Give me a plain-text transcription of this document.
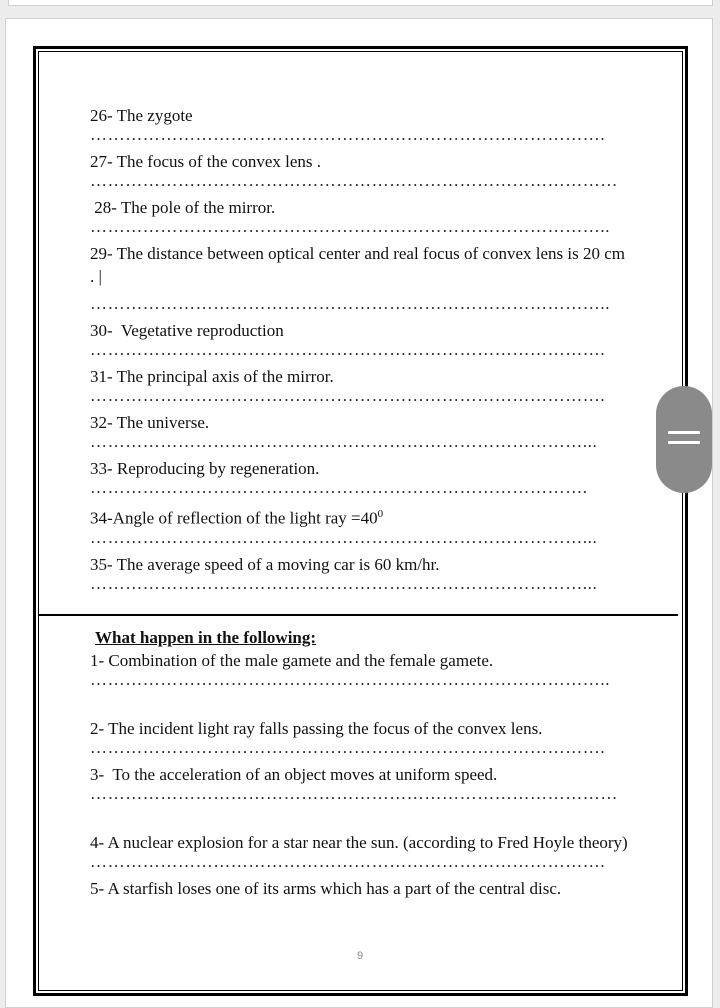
26- The zygote
…………………………………………………………………………….
27- The focus of the convex lens .
………………………………………………………………………………
28- The pole of the mirror.
……………………………………………………………………………..
29- The distance between optical center and real focus of convex lens is 20 cm . |
……………………………………………………………………………..
30-  Vegetative reproduction
…………………………………………………………………………….
31- The principal axis of the mirror.
…………………………………………………………………………….
32- The universe.
…………………………………………………………………………...
33- Reproducing by regeneration.
………………………………………………………………………….
34-Angle of reflection of the light ray $=40^0$
…………………………………………………………………………...
35- The average speed of a moving car is 60 km/hr.
…………………………………………………………………………...
What happen in the following:
1- Combination of the male gamete and the female gamete.
……………………………………………………………………………..
2- The incident light ray falls passing the focus of the convex lens.
…………………………………………………………………………….
3-  To the acceleration of an object moves at uniform speed.
………………………………………………………………………………
4- A nuclear explosion for a star near the sun. (according to Fred Hoyle theory)
…………………………………………………………………………….
5- A starfish loses one of its arms which has a part of the central disc.
9
